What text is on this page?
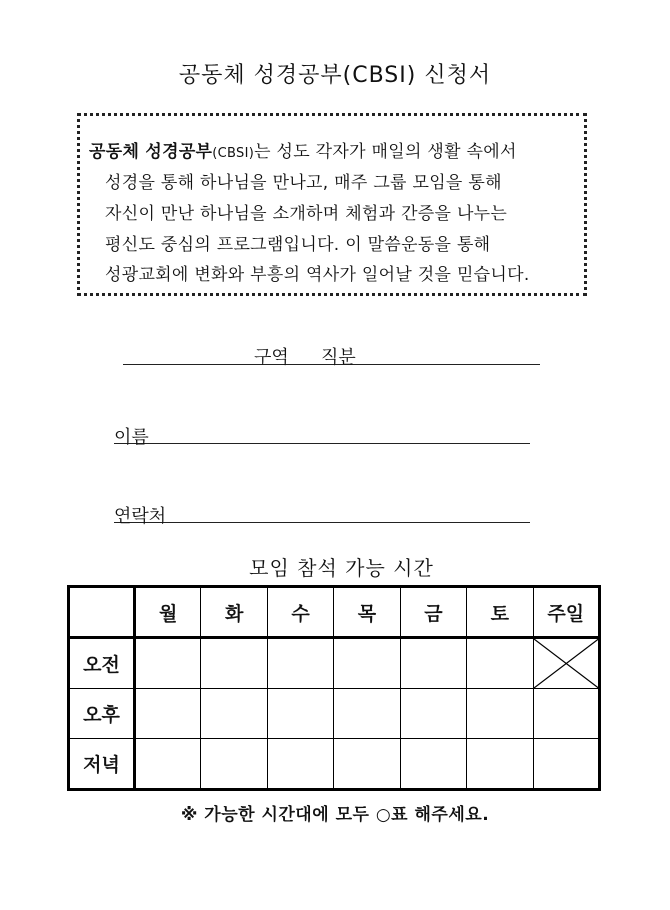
공동체 성경공부(CBSI) 신청서
공동체 성경공부(CBSI)는 성도 각자가 매일의 생활 속에서
성경을 통해 하나님을 만나고, 매주 그룹 모임을 통해
자신이 만난 하나님을 소개하며 체험과 간증을 나누는
평신도 중심의 프로그램입니다. 이 말씀운동을 통해
성광교회에 변화와 부흥의 역사가 일어날 것을 믿습니다.
구역 직분
이름
연락처
모임 참석 가능 시간
	월	화	수	목	금	토	주일
오전							

오후							
저녁							
※ 가능한 시간대에 모두 ○표 해주세요.
